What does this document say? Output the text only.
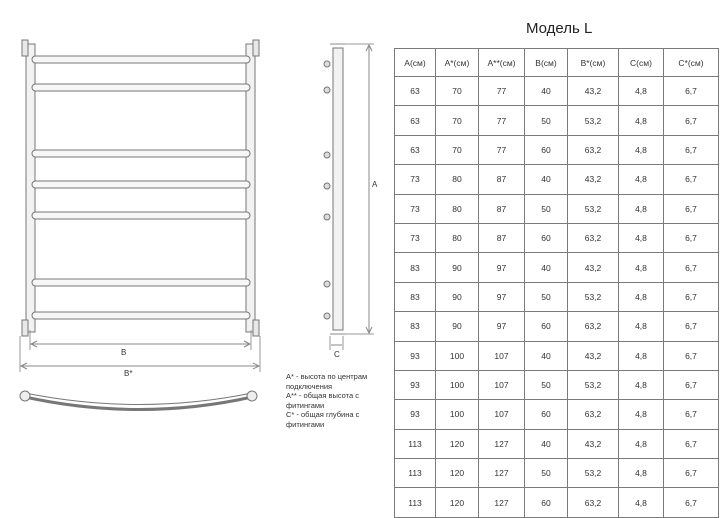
Модель L
B
B*
A
C

A* - высота по центрам подключения

A** - общая высота с фитингами

C* - общая глубина с фитингами

A(см)	A*(см)	A**(см)	B(см)	B*(см)	C(см)	C*(см)
63	70	77	40	43,2	4,8	6,7
63	70	77	50	53,2	4,8	6,7
63	70	77	60	63,2	4,8	6,7
73	80	87	40	43,2	4,8	6,7
73	80	87	50	53,2	4,8	6,7
73	80	87	60	63,2	4,8	6,7
83	90	97	40	43,2	4,8	6,7
83	90	97	50	53,2	4,8	6,7
83	90	97	60	63,2	4,8	6,7
93	100	107	40	43,2	4,8	6,7
93	100	107	50	53,2	4,8	6,7
93	100	107	60	63,2	4,8	6,7
113	120	127	40	43,2	4,8	6,7
113	120	127	50	53,2	4,8	6,7
113	120	127	60	63,2	4,8	6,7
